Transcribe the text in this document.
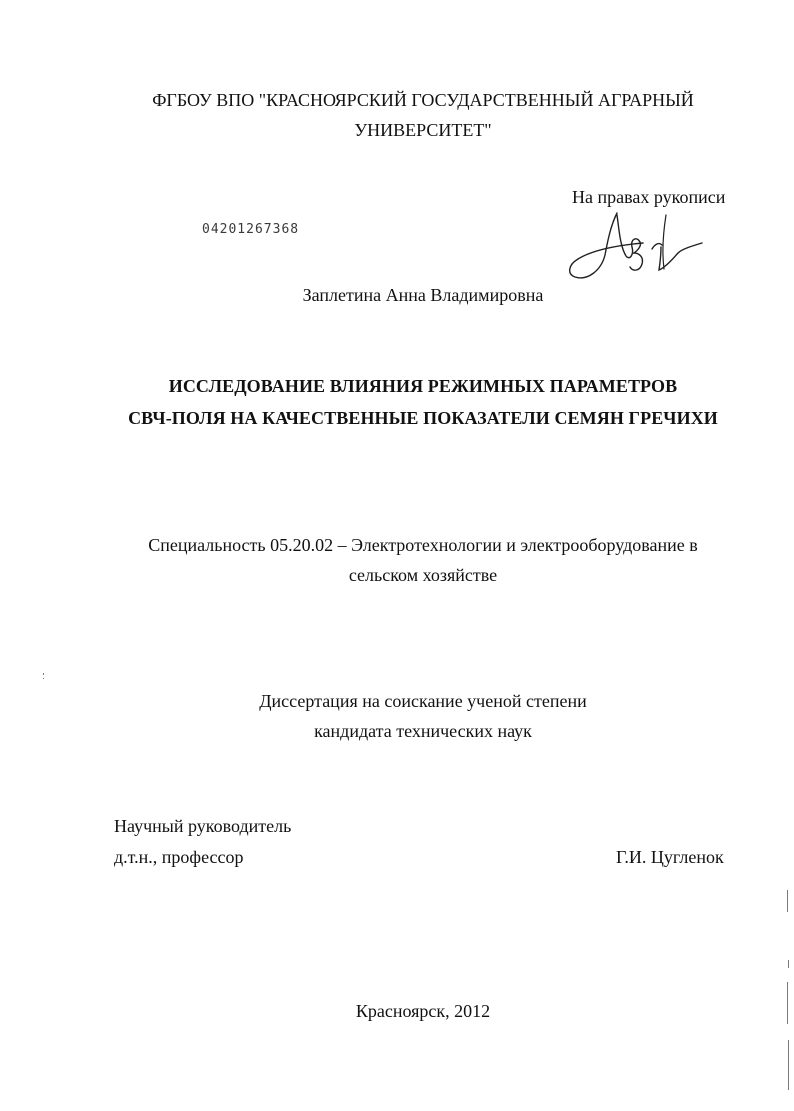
ФГБОУ ВПО "КРАСНОЯРСКИЙ ГОСУДАРСТВЕННЫЙ АГРАРНЫЙ
УНИВЕРСИТЕТ"
На правах рукописи
04201267368
Заплетина Анна Владимировна
ИССЛЕДОВАНИЕ ВЛИЯНИЯ РЕЖИМНЫХ ПАРАМЕТРОВ
СВЧ-ПОЛЯ НА КАЧЕСТВЕННЫЕ ПОКАЗАТЕЛИ СЕМЯН ГРЕЧИХИ
Специальность 05.20.02 – Электротехнологии и электрооборудование в
сельском хозяйстве
Диссертация на соискание ученой степени
кандидата технических наук
Научный руководитель
д.т.н., профессор	Г.И. Цугленок
Красноярск, 2012
